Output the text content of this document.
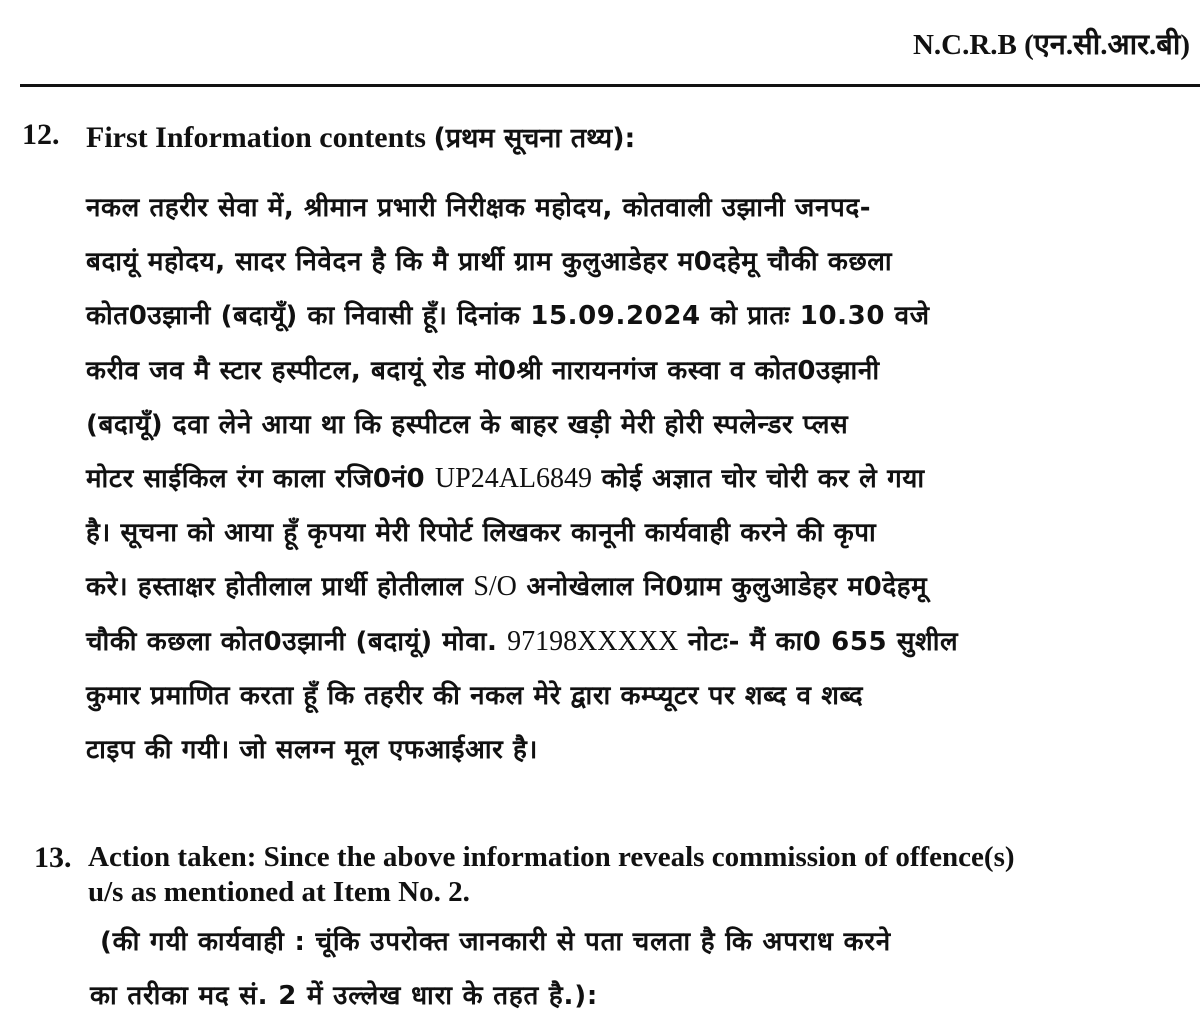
N.C.R.B (एन.सी.आर.बी)
12. First Information contents (प्रथम सूचना तथ्य):
नकल तहरीर सेवा में, श्रीमान प्रभारी निरीक्षक महोदय, कोतवाली उझानी जनपद-
बदायूं महोदय, सादर निवेदन है कि मै प्रार्थी ग्राम कुलुआडेहर म0दहेमू चौकी कछला
कोत0उझानी (बदायूँ) का निवासी हूँ। दिनांक 15.09.2024 को प्रातः 10.30 वजे
करीव जव मै स्टार हस्पीटल, बदायूं रोड मो0श्री नारायनगंज कस्वा व कोत0उझानी
(बदायूँ) दवा लेने आया था कि हस्पीटल के बाहर खड़ी मेरी होरी स्पलेन्डर प्लस
मोटर साईकिल रंग काला रजि0नं0 UP24AL6849 कोई अज्ञात चोर चोरी कर ले गया
है। सूचना को आया हूँ कृपया मेरी रिपोर्ट लिखकर कानूनी कार्यवाही करने की कृपा
करे। हस्ताक्षर होतीलाल प्रार्थी होतीलाल S/O अनोखेलाल नि0ग्राम कुलुआडेहर म0देहमू
चौकी कछला कोत0उझानी (बदायूं) मोवा. 97198XXXXX नोटः- मैं का0 655 सुशील
कुमार प्रमाणित करता हूँ कि तहरीर की नकल मेरे द्वारा कम्प्यूटर पर शब्द व शब्द
टाइप की गयी। जो सलग्न मूल एफआईआर है।
13. Action taken: Since the above information reveals commission of offence(s)
u/s as mentioned at Item No. 2.
(की गयी कार्यवाही : चूंकि उपरोक्त जानकारी से पता चलता है कि अपराध करने
का तरीका मद सं. 2 में उल्लेख धारा के तहत है.):
